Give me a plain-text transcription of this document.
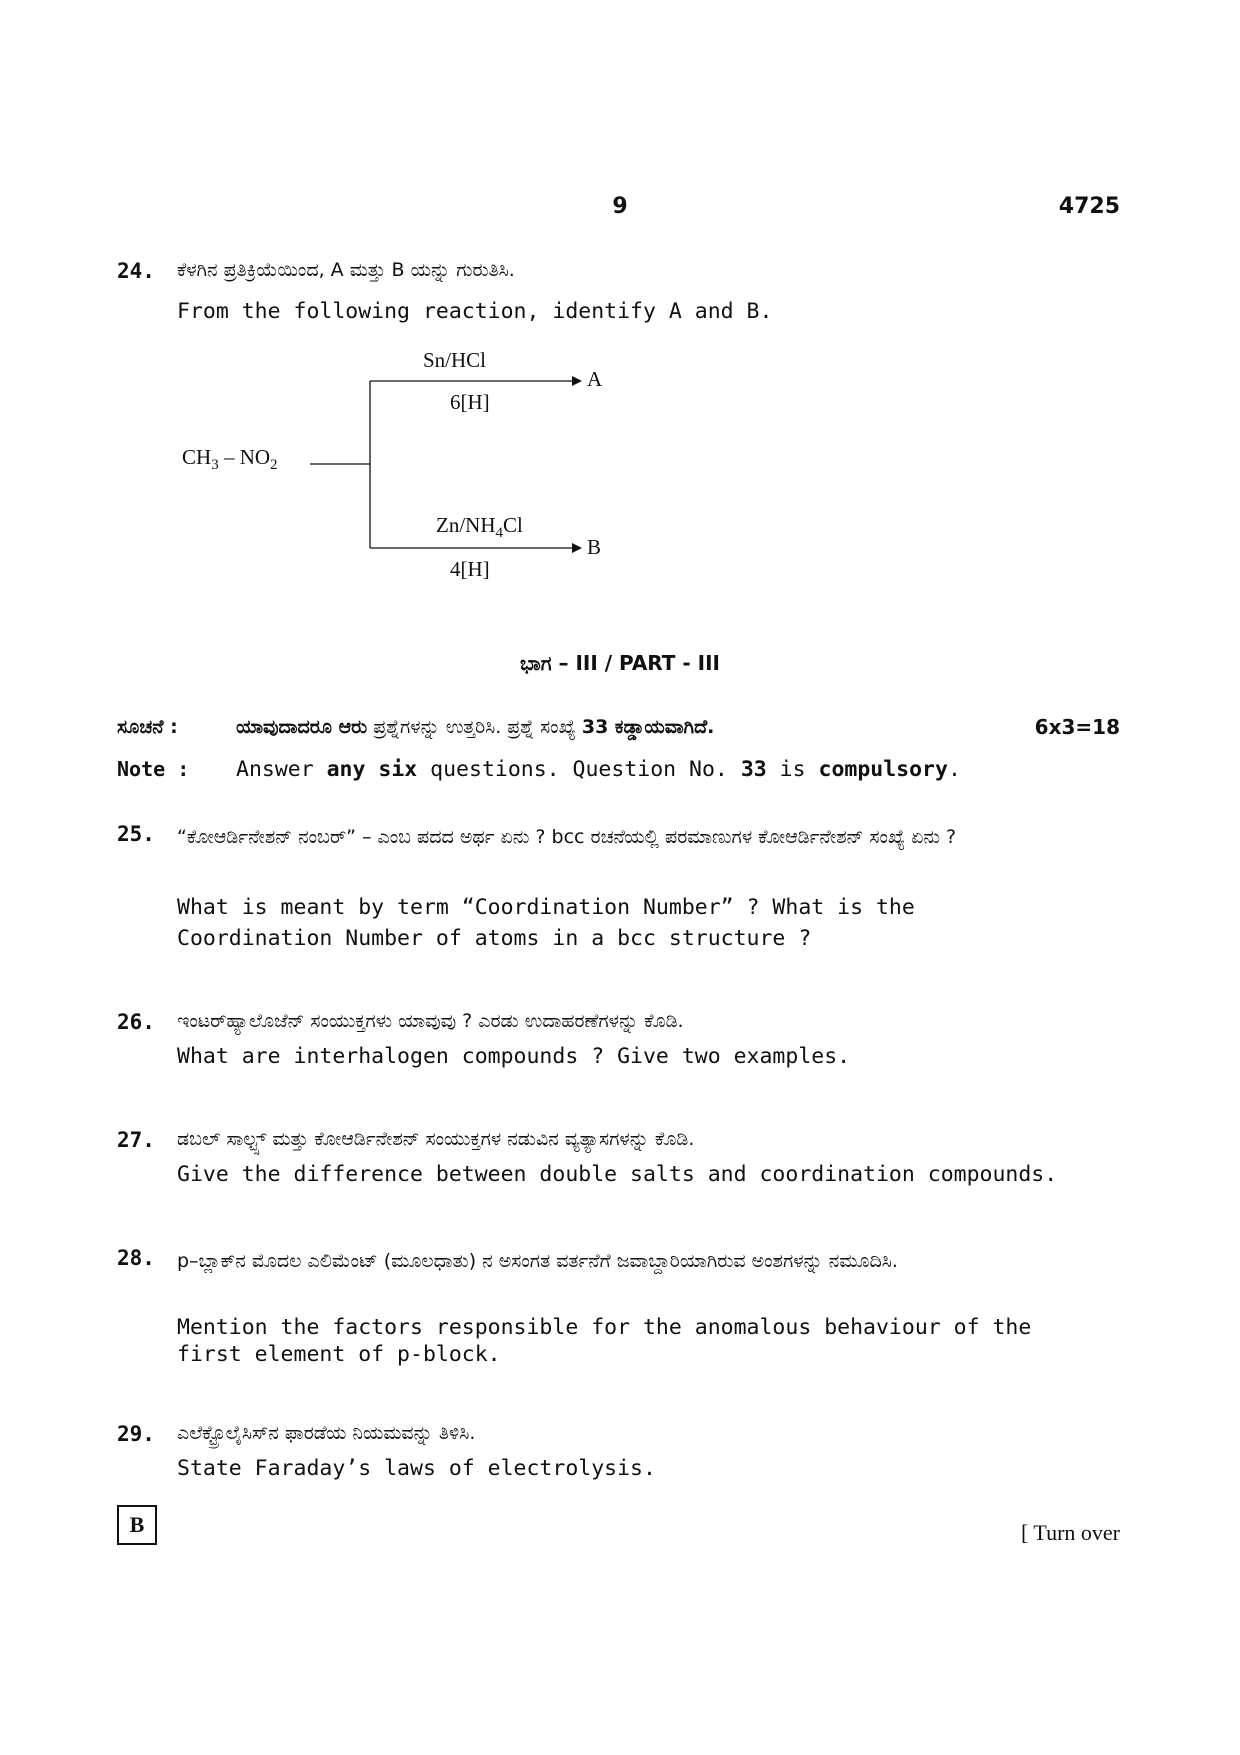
9	4725
24. ಕೆಳಗಿನ ಪ್ರತಿಕ್ರಿಯೆಯಿಂದ, A ಮತ್ತು B ಯನ್ನು ಗುರುತಿಸಿ.
From the following reaction, identify A and B.
$CH_3 - NO_2$
Sn/HCl
6[H]
A
$Zn/NH_4Cl$
4[H]
B
ಭಾಗ – III / PART - III
ಸೂಚನೆ :	ಯಾವುದಾದರೂ ಆರು ಪ್ರಶ್ನೆಗಳನ್ನು ಉತ್ತರಿಸಿ. ಪ್ರಶ್ನೆ ಸಂಖ್ಯೆ 33 ಕಡ್ಡಾಯವಾಗಿದೆ.	6x3=18
Note : Answer any six questions. Question No. 33 is compulsory.
25. “ಕೋಆರ್ಡಿನೇಶನ್ ನಂಬರ್” – ಎಂಬ ಪದದ ಅರ್ಥ ಏನು ? bcc ರಚನೆಯಲ್ಲಿ ಪರಮಾಣುಗಳ ಕೋಆರ್ಡಿನೇಶನ್ ಸಂಖ್ಯೆ ಏನು ?
What is meant by term “Coordination Number” ? What is the Coordination Number of atoms in a bcc structure ?
26. ಇಂಟರ್‌ಹ್ಯಾಲೊಜೆನ್ ಸಂಯುಕ್ತಗಳು ಯಾವುವು ? ಎರಡು ಉದಾಹರಣೆಗಳನ್ನು ಕೊಡಿ.
What are interhalogen compounds ? Give two examples.
27. ಡಬಲ್ ಸಾಲ್ಟ್ಸ್ ಮತ್ತು ಕೋಆರ್ಡಿನೇಶನ್ ಸಂಯುಕ್ತಗಳ ನಡುವಿನ ವ್ಯತ್ಯಾಸಗಳನ್ನು ಕೊಡಿ.
Give the difference between double salts and coordination compounds.
28. p–ಬ್ಲಾಕ್‌ನ ಮೊದಲ ಎಲಿಮೆಂಟ್ (ಮೂಲಧಾತು) ನ ಅಸಂಗತ ವರ್ತನೆಗೆ ಜವಾಬ್ದಾರಿಯಾಗಿರುವ ಅಂಶಗಳನ್ನು ನಮೂದಿಸಿ.
Mention the factors responsible for the anomalous behaviour of the first element of p-block.
29. ಎಲೆಕ್ಟ್ರೊಲೈಸಿಸ್‌ನ ಫಾರಡೆಯ ನಿಯಮವನ್ನು ತಿಳಿಸಿ.
State Faraday’s laws of electrolysis.
B	[ Turn over
